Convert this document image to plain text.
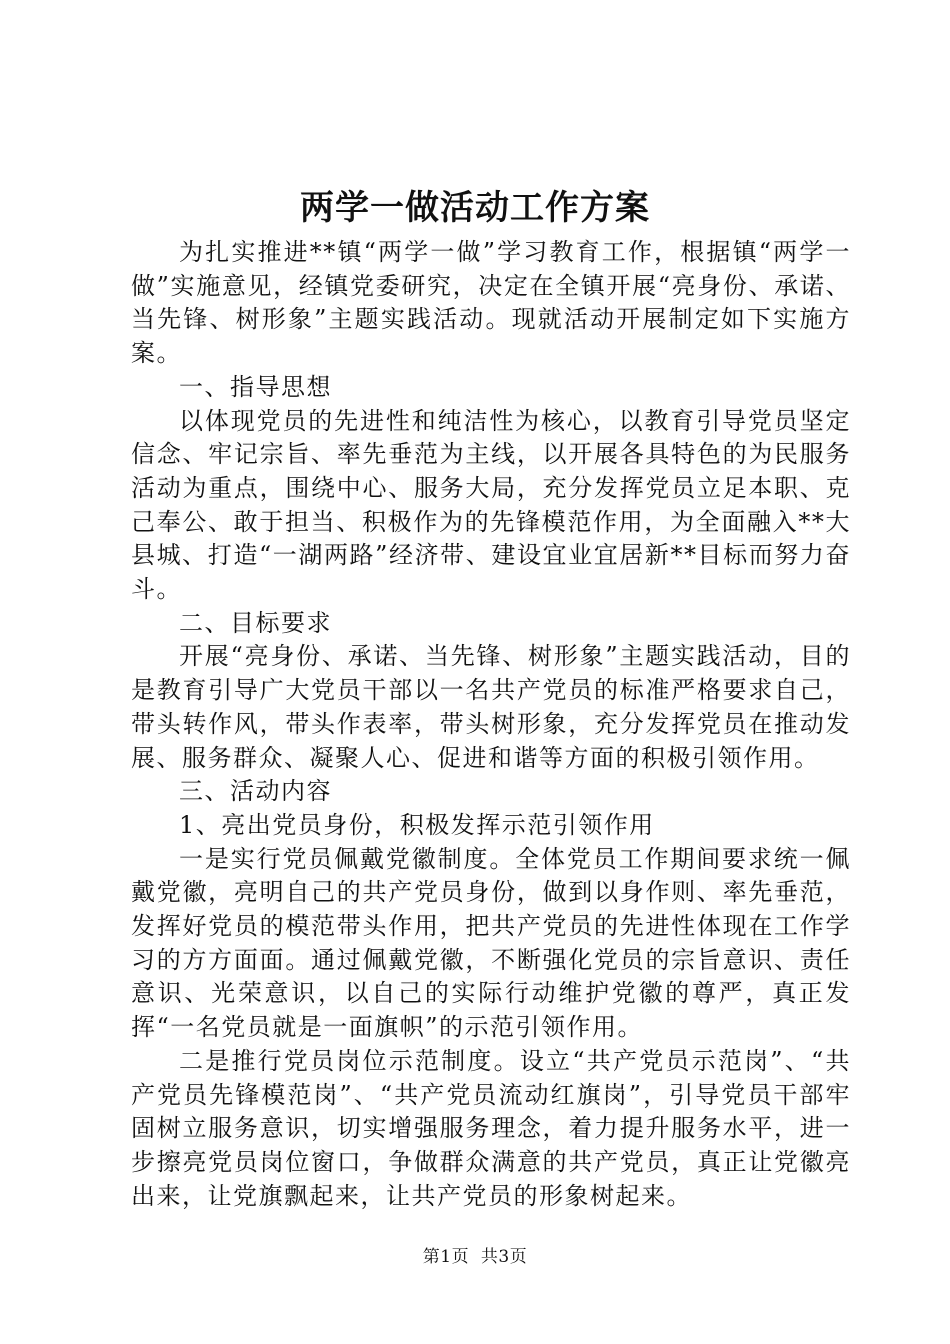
两学一做活动工作方案

为扎实推进**镇“两学一做”学习教育工作，根据镇“两学一做”实施意见，经镇党委研究，决定在全镇开展“亮身份、承诺、当先锋、树形象”主题实践活动。现就活动开展制定如下实施方案。

一、指导思想

以体现党员的先进性和纯洁性为核心，以教育引导党员坚定信念、牢记宗旨、率先垂范为主线，以开展各具特色的为民服务活动为重点，围绕中心、服务大局，充分发挥党员立足本职、克己奉公、敢于担当、积极作为的先锋模范作用，为全面融入**大县城、打造“一湖两路”经济带、建设宜业宜居新**目标而努力奋斗。

二、目标要求

开展“亮身份、承诺、当先锋、树形象”主题实践活动，目的是教育引导广大党员干部以一名共产党员的标准严格要求自己，带头转作风，带头作表率，带头树形象，充分发挥党员在推动发展、服务群众、凝聚人心、促进和谐等方面的积极引领作用。

三、活动内容

1、亮出党员身份，积极发挥示范引领作用

一是实行党员佩戴党徽制度。全体党员工作期间要求统一佩戴党徽，亮明自己的共产党员身份，做到以身作则、率先垂范，发挥好党员的模范带头作用，把共产党员的先进性体现在工作学习的方方面面。通过佩戴党徽，不断强化党员的宗旨意识、责任意识、光荣意识，以自己的实际行动维护党徽的尊严，真正发挥“一名党员就是一面旗帜”的示范引领作用。

二是推行党员岗位示范制度。设立“共产党员示范岗”、“共产党员先锋模范岗”、“共产党员流动红旗岗”，引导党员干部牢固树立服务意识，切实增强服务理念，着力提升服务水平，进一步擦亮党员岗位窗口，争做群众满意的共产党员，真正让党徽亮出来，让党旗飘起来，让共产党员的形象树起来。

第1页 共3页
